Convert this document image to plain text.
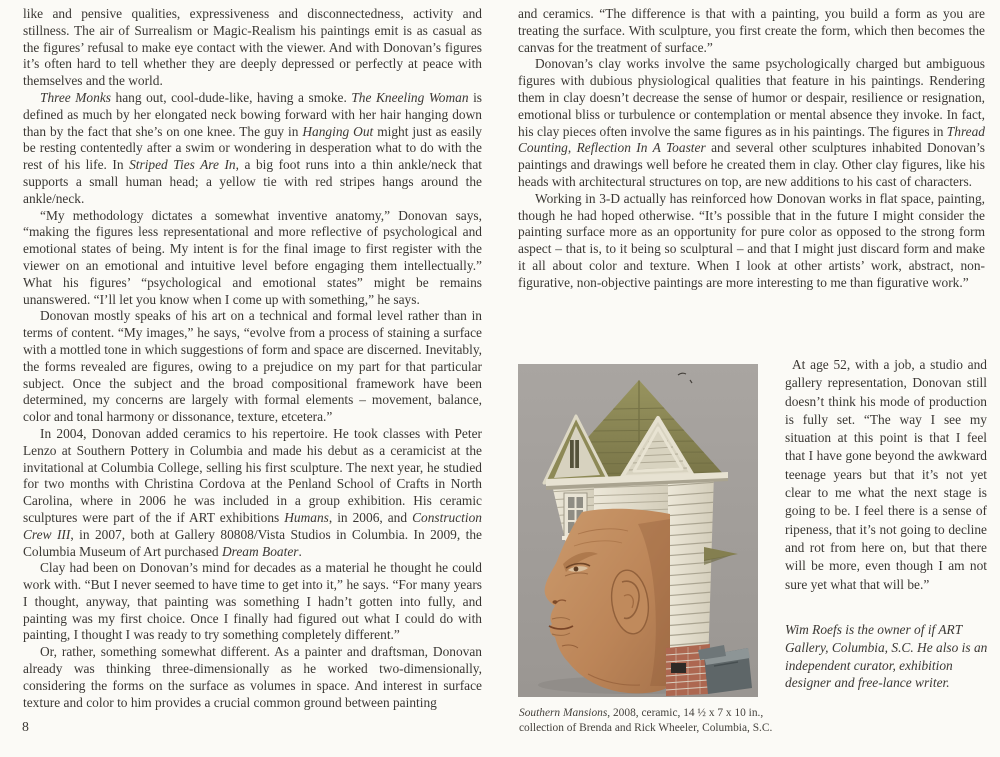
like and pensive qualities, expressiveness and disconnectedness, activity and stillness. The air of Surrealism or Magic-Realism his paintings emit is as casual as the figures’ refusal to make eye contact with the viewer. And with Donovan’s figures it’s often hard to tell whether they are deeply depressed or perfectly at peace with themselves and the world.

Three Monks hang out, cool-dude-like, having a smoke. The Kneeling Woman is defined as much by her elongated neck bowing forward with her hair hanging down than by the fact that she’s on one knee. The guy in Hanging Out might just as easily be resting contentedly after a swim or wondering in desperation what to do with the rest of his life. In Striped Ties Are In, a big foot runs into a thin ankle/neck that supports a small human head; a yellow tie with red stripes hangs around the ankle/neck.

“My methodology dictates a somewhat inventive anatomy,” Donovan says, “making the figures less representational and more reflective of psychological and emotional states of being. My intent is for the final image to first register with the viewer on an emotional and intuitive level before engaging them intellectually.” What his figures’ “psychological and emotional states” might be remains unanswered. “I’ll let you know when I come up with something,” he says.

Donovan mostly speaks of his art on a technical and formal level rather than in terms of content. “My images,” he says, “evolve from a process of staining a surface with a mottled tone in which suggestions of form and space are discerned. Inevitably, the forms revealed are figures, owing to a prejudice on my part for that particular subject. Once the subject and the broad compositional framework have been determined, my concerns are largely with formal elements – movement, balance, color and tonal harmony or dissonance, texture, etcetera.”

In 2004, Donovan added ceramics to his repertoire. He took classes with Peter Lenzo at Southern Pottery in Columbia and made his debut as a ceramicist at the invitational at Columbia College, selling his first sculpture. The next year, he studied for two months with Christina Cordova at the Penland School of Crafts in North Carolina, where in 2006 he was included in a group exhibition. His ceramic sculptures were part of the if ART exhibitions Humans, in 2006, and Construction Crew III, in 2007, both at Gallery 80808/Vista Studios in Columbia. In 2009, the Columbia Museum of Art purchased Dream Boater.

Clay had been on Donovan’s mind for decades as a material he thought he could work with. “But I never seemed to have time to get into it,” he says. “For many years I thought, anyway, that painting was something I hadn’t gotten into fully, and painting was my first choice. Once I finally had figured out what I could do with painting, I thought I was ready to try something completely different.”

Or, rather, something somewhat different. As a painter and draftsman, Donovan already was thinking three-dimensionally as he worked two-dimensionally, considering the forms on the surface as volumes in space. And interest in surface texture and color to him provides a crucial common ground between painting

and ceramics. “The difference is that with a painting, you build a form as you are treating the surface. With sculpture, you first create the form, which then becomes the canvas for the treatment of surface.”

Donovan’s clay works involve the same psychologically charged but ambiguous figures with dubious physiological qualities that feature in his paintings. Rendering them in clay doesn’t decrease the sense of humor or despair, resilience or resignation, emotional bliss or turbulence or contemplation or mental absence they invoke. In fact, his clay pieces often involve the same figures as in his paintings. The figures in Thread Counting, Reflection In A Toaster and several other sculptures inhabited Donovan’s paintings and drawings well before he created them in clay. Other clay figures, like his heads with architectural structures on top, are new additions to his cast of characters.

Working in 3-D actually has reinforced how Donovan works in flat space, painting, though he had hoped otherwise. “It’s possible that in the future I might consider the painting surface more as an opportunity for pure color as opposed to the strong form aspect – that is, to it being so sculptural – and that I might just discard form and make it all about color and texture. When I look at other artists’ work, abstract, non-figurative, non-objective paintings are more interesting to me than figurative work.”

At age 52, with a job, a studio and gallery representation, Donovan still doesn’t think his mode of production is fully set. “The way I see my situation at this point is that I feel that I have gone beyond the awkward teenage years but that it’s not yet clear to me what the next stage is going to be. I feel there is a sense of ripeness, that it’s not going to decline and rot from here on, but that there will be more, even though I am not sure yet what that will be.”

Wim Roefs is the owner of if ART Gallery, Columbia, S.C. He also is an independent curator, exhibition designer and free-lance writer.

Southern Mansions, 2008, ceramic, 14 ½ x 7 x 10 in.,

collection of Brenda and Rick Wheeler, Columbia, S.C.

8
